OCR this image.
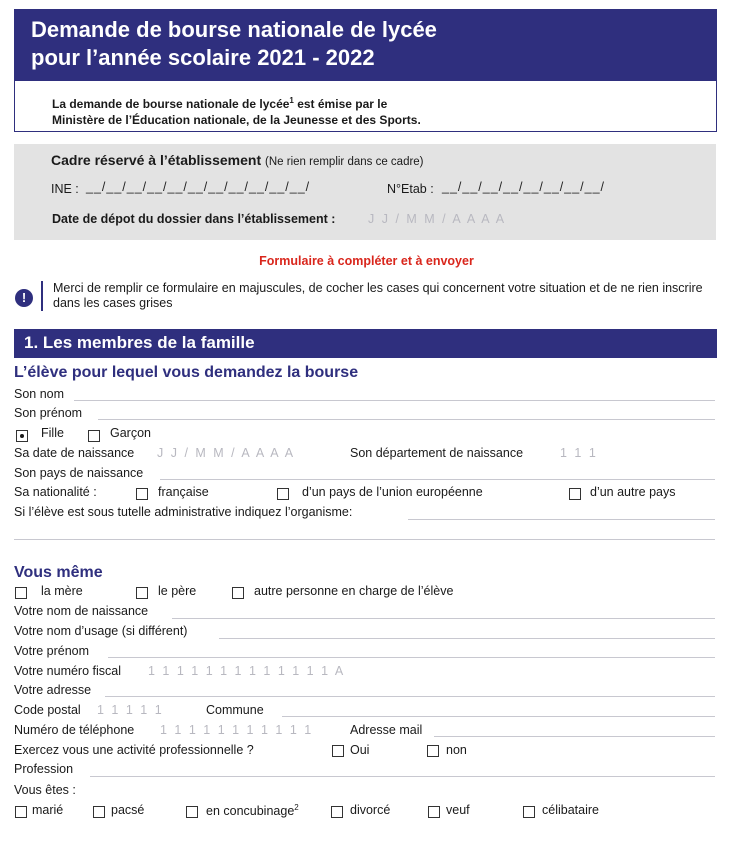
Demande de bourse nationale de lycée
pour l’année scolaire 2021 - 2022
La demande de bourse nationale de lycée$^1$ est émise par le
Ministère de l’Éducation nationale, de la Jeunesse et des Sports.
Cadre réservé à l’établissement (Ne rien remplir dans ce cadre)
INE : __/__/__/__/__/__/__/__/__/__/__/	N°Etab : __/__/__/__/__/__/__/__/
Date de dépot du dossier dans l’établissement :	J J / M M / A A A A
Formulaire à compléter et à envoyer
!
Merci de remplir ce formulaire en majuscules, de cocher les cases qui concernent votre situation et de ne rien inscrire dans les cases grises
1. Les membres de la famille
L’élève pour lequel vous demandez la bourse
Son nom
Son prénom
Fille	Garçon
Sa date de naissance J J / M M / A A A A	Son département de naissance	1 1 1
Son pays de naissance
Sa nationalité :	française	d’un pays de l’union européenne	d’un autre pays
Si l’élève est sous tutelle administrative indiquez l’organisme:
Vous même
la mère	le père	autre personne en charge de l’élève
Votre nom de naissance
Votre nom d’usage (si différent)
Votre prénom
Votre numéro fiscal 1 1 1 1 1 1 1 1 1 1 1 1 1 A
Votre adresse
Code postal 1 1 1 1 1	Commune
Numéro de téléphone 1 1 1 1 1 1 1 1 1 1 1	Adresse mail
Exercez vous une activité professionnelle ?	Oui	non
Profession
Vous êtes :
marié	pacsé	en concubinage$^2$	divorcé	veuf	célibataire
